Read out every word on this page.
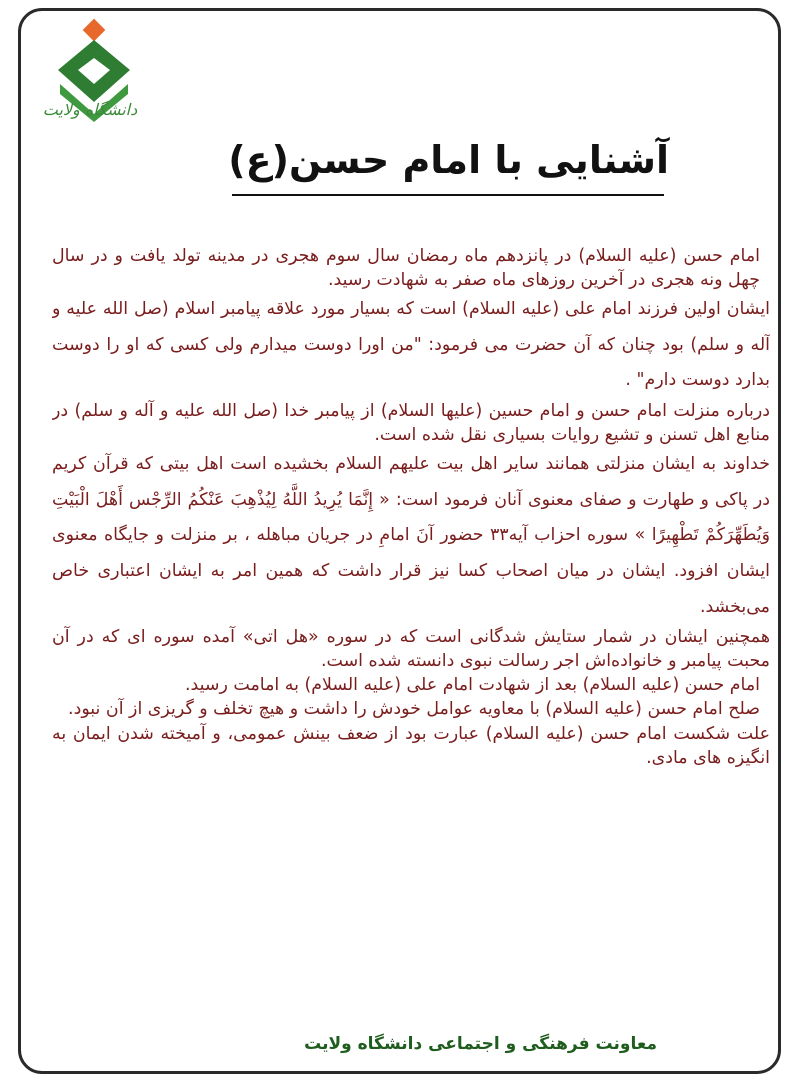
دانشگاه ولایت
آشنایی با امام حسن(ع)

امام حسن (علیه السلام) در پانزدهم ماه رمضان سال سوم هجری در مدینه تولد یافت و در سال چهل ونه هجری در آخرین روزهای ماه صفر به شهادت رسید.

ایشان اولین فرزند امام علی (علیه السلام) است که بسیار مورد علاقه پیامبر اسلام (صل الله علیه و آله و سلم) بود چنان که آن حضرت می فرمود: "من اورا دوست میدارم ولی کسی که او را دوست بدارد دوست دارم" .

درباره منزلت امام حسن و امام حسین (علیها السلام) از پیامبر خدا (صل الله علیه و آله و سلم) در منابع اهل تسنن و تشیع روایات بسیاری نقل شده است.

خداوند به ایشان منزلتی همانند سایر اهل بیت علیهم السلام بخشیده است اهل بیتی که قرآن کریم در پاکی و طهارت و صفای معنوی آنان فرمود است: « إِنَّمَا یُرِیدُ اللَّهُ لِیُذْهِبَ عَنْکُمُ الرِّجْس أَهْلَ الْبَیْتِ وَیُطَهِّرَکُمْ تَطْهِیرًا » سوره احزاب آیه۳۳ حضور آنَ امامِ در جریان مباهله ، بر منزلت و جایگاه معنوی ایشان افزود. ایشان در میان اصحاب کسا نیز قرار داشت که همین امر به ایشان اعتباری خاص می‌بخشد.

همچنین ایشان در شمار ستایش شدگانی است که در سوره «هل اتی» آمده سوره ای که در آن محبت پیامبر و خانواده‌اش اجر رسالت نبوی دانسته شده است.

امام حسن (علیه السلام) بعد از شهادت امام علی (علیه السلام) به امامت رسید.

صلح امام حسن (علیه السلام) با معاویه عوامل خودش را داشت و هیچ تخلف و گریزی از آن نبود.

علت شکست امام حسن (علیه السلام) عبارت بود از ضعف بینش عمومی، و آمیخته شدن ایمان به انگیزه های مادی.

معاونت فرهنگی و اجتماعی دانشگاه ولایت
